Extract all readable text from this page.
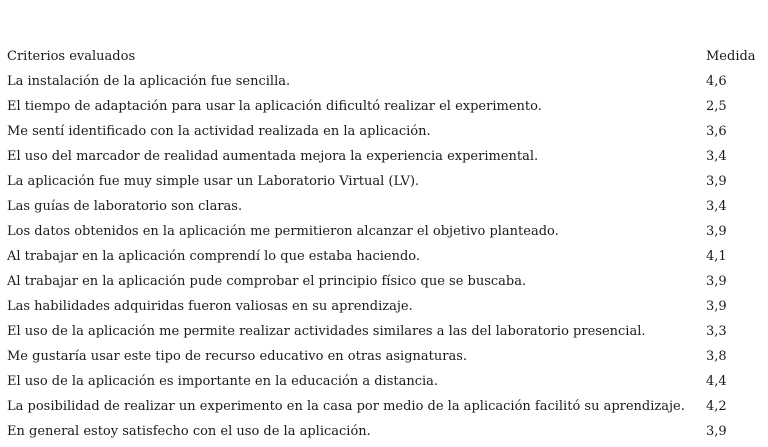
Criterios evaluados	Medida
La instalación de la aplicación fue sencilla.	4,6
El tiempo de adaptación para usar la aplicación dificultó realizar el experimento.	2,5
Me sentí identificado con la actividad realizada en la aplicación.	3,6
El uso del marcador de realidad aumentada mejora la experiencia experimental.	3,4
La aplicación fue muy simple usar un Laboratorio Virtual (LV).	3,9
Las guías de laboratorio son claras.	3,4
Los datos obtenidos en la aplicación me permitieron alcanzar el objetivo planteado.	3,9
Al trabajar en la aplicación comprendí lo que estaba haciendo.	4,1
Al trabajar en la aplicación pude comprobar el principio físico que se buscaba.	3,9
Las habilidades adquiridas fueron valiosas en su aprendizaje.	3,9
El uso de la aplicación me permite realizar actividades similares a las del laboratorio presencial.	3,3
Me gustaría usar este tipo de recurso educativo en otras asignaturas.	3,8
El uso de la aplicación es importante en la educación a distancia.	4,4
La posibilidad de realizar un experimento en la casa por medio de la aplicación facilitó su aprendizaje.	4,2
En general estoy satisfecho con el uso de la aplicación.	3,9
